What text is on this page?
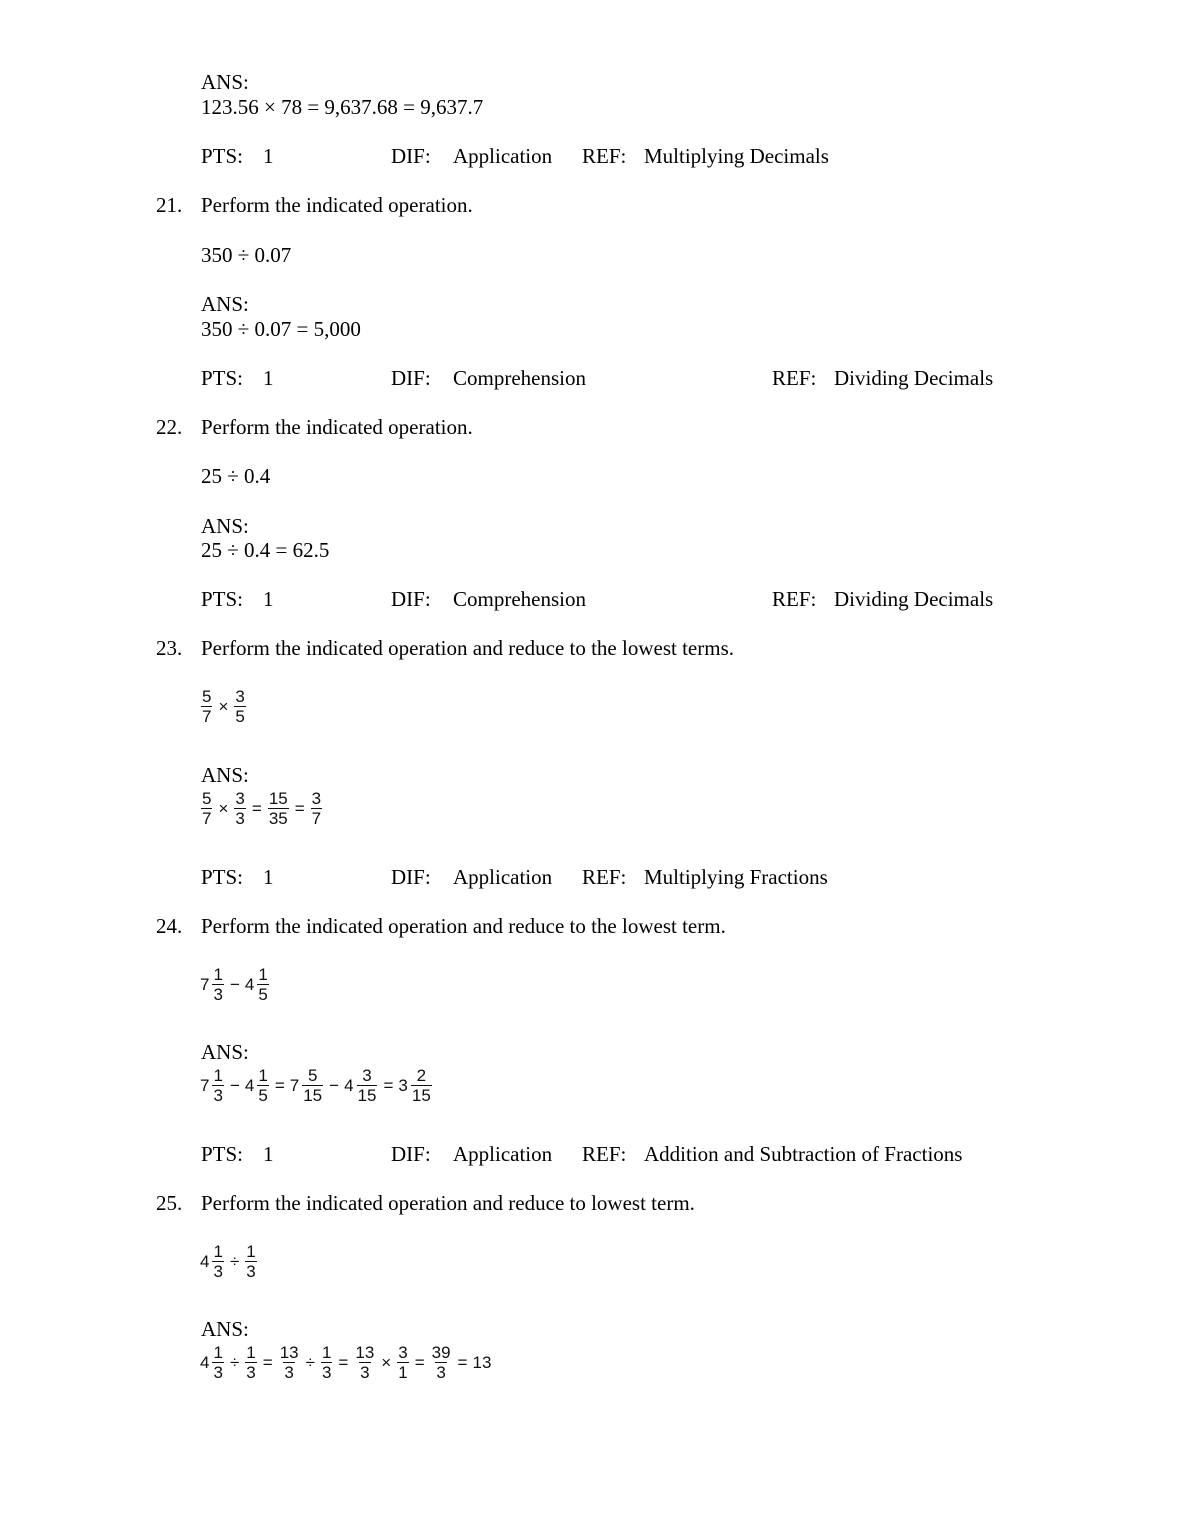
ANS:
123.56 × 78 = 9,637.68 = 9,637.7
PTS: 1	DIF: Application REF: Multiplying Decimals
21. Perform the indicated operation.
350 ÷ 0.07
ANS:
350 ÷ 0.07 = 5,000
PTS: 1	DIF: Comprehension	REF: Dividing Decimals
22. Perform the indicated operation.
25 ÷ 0.4
ANS:
25 ÷ 0.4 = 62.5
PTS: 1	DIF: Comprehension	REF: Dividing Decimals
23. Perform the indicated operation and reduce to the lowest terms.
$\frac{5}{7} \times \frac{3}{5}$
ANS:
$\frac{5}{7} \times \frac{3}{3} = \frac{15}{35} = \frac{3}{7}$
PTS: 1	DIF: Application REF: Multiplying Fractions
24. Perform the indicated operation and reduce to the lowest term.
$7 \frac{1}{3} - 4 \frac{1}{5}$
ANS:
$7 \frac{1}{3} - 4 \frac{1}{5} = 7 \frac{5}{15} - 4 \frac{3}{15} = 3 \frac{2}{15}$
PTS: 1	DIF: Application REF: Addition and Subtraction of Fractions
25. Perform the indicated operation and reduce to lowest term.
$4 \frac{1}{3} \div \frac{1}{3}$
ANS:
$4 \frac{1}{3} \div \frac{1}{3} = \frac{13}{3} \div \frac{1}{3} = \frac{13}{3} \times \frac{3}{1} = \frac{39}{3} = 13$
